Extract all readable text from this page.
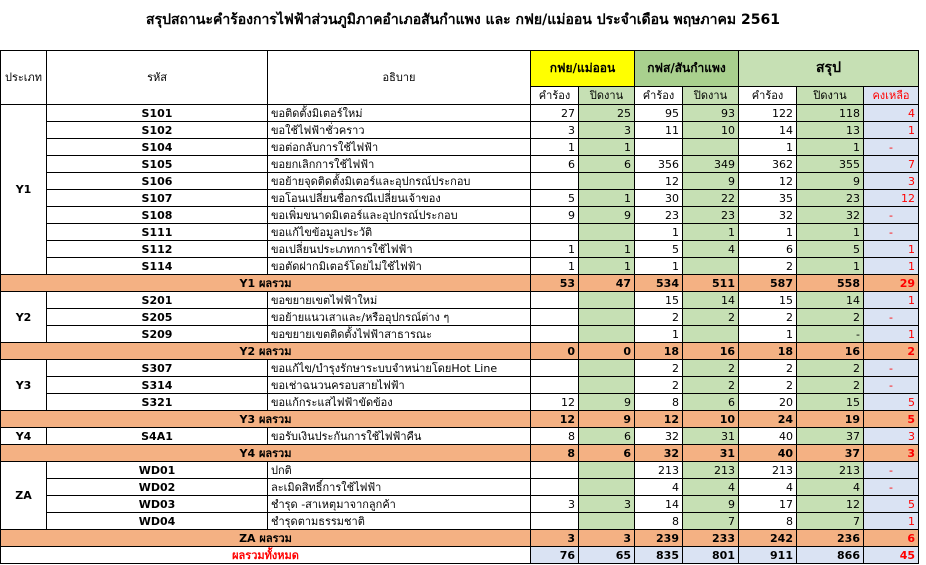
สรุปสถานะคำร้องการไฟฟ้าส่วนภูมิภาคอำเภอสันกำแพง และ กฟย/แม่ออน ประจำเดือน พฤษภาคม 2561
ประเภท	รหัส	อธิบาย	กฟย/แม่ออน		กฟส/สันกำแพง		สรุป		
			คำร้อง	ปิดงาน	คำร้อง	ปิดงาน	คำร้อง	ปิดงาน	คงเหลือ
Y1	S101	ขอติดตั้งมิเตอร์ใหม่	27	25	95	93	122	118	4
	S102	ขอใช้ไฟฟ้าชั่วคราว	3	3	11	10	14	13	1
	S104	ขอต่อกลับการใช้ไฟฟ้า	1	1			1	1	-
	S105	ขอยกเลิกการใช้ไฟฟ้า	6	6	356	349	362	355	7
	S106	ขอย้ายจุดติดตั้งมิเตอร์และอุปกรณ์ประกอบ			12	9	12	9	3
	S107	ขอโอนเปลี่ยนชื่อกรณีเปลี่ยนเจ้าของ	5	1	30	22	35	23	12
	S108	ขอเพิ่มขนาดมิเตอร์และอุปกรณ์ประกอบ	9	9	23	23	32	32	-
	S111	ขอแก้ไขข้อมูลประวัติ			1	1	1	1	-
	S112	ขอเปลี่ยนประเภทการใช้ไฟฟ้า	1	1	5	4	6	5	1
	S114	ขอตัดฝากมิเตอร์โดยไม่ใช้ไฟฟ้า	1	1	1		2	1	1
Y1 ผลรวม			53	47	534	511	587	558	29
Y2	S201	ขอขยายเขตไฟฟ้าใหม่			15	14	15	14	1
	S205	ขอย้ายแนวเสาและ/หรืออุปกรณ์ต่าง ๆ			2	2	2	2	-
	S209	ขอขยายเขตติดตั้งไฟฟ้าสาธารณะ			1		1	-	1
Y2 ผลรวม			0	0	18	16	18	16	2
Y3	S307	ขอแก้ไข/บำรุงรักษาระบบจำหน่ายโดยHot Line			2	2	2	2	-
	S314	ขอเช่าฉนวนครอบสายไฟฟ้า			2	2	2	2	-
	S321	ขอแก้กระแสไฟฟ้าขัดข้อง	12	9	8	6	20	15	5
Y3 ผลรวม			12	9	12	10	24	19	5
Y4	S4A1	ขอรับเงินประกันการใช้ไฟฟ้าคืน	8	6	32	31	40	37	3
Y4 ผลรวม			8	6	32	31	40	37	3
ZA	WD01	ปกติ			213	213	213	213	-
	WD02	ละเมิดสิทธิ์การใช้ไฟฟ้า			4	4	4	4	-
	WD03	ชำรุด -สาเหตุมาจากลูกค้า	3	3	14	9	17	12	5
	WD04	ชำรุดตามธรรมชาติ			8	7	8	7	1
ZA ผลรวม			3	3	239	233	242	236	6
ผลรวมทั้งหมด			76	65	835	801	911	866	45
